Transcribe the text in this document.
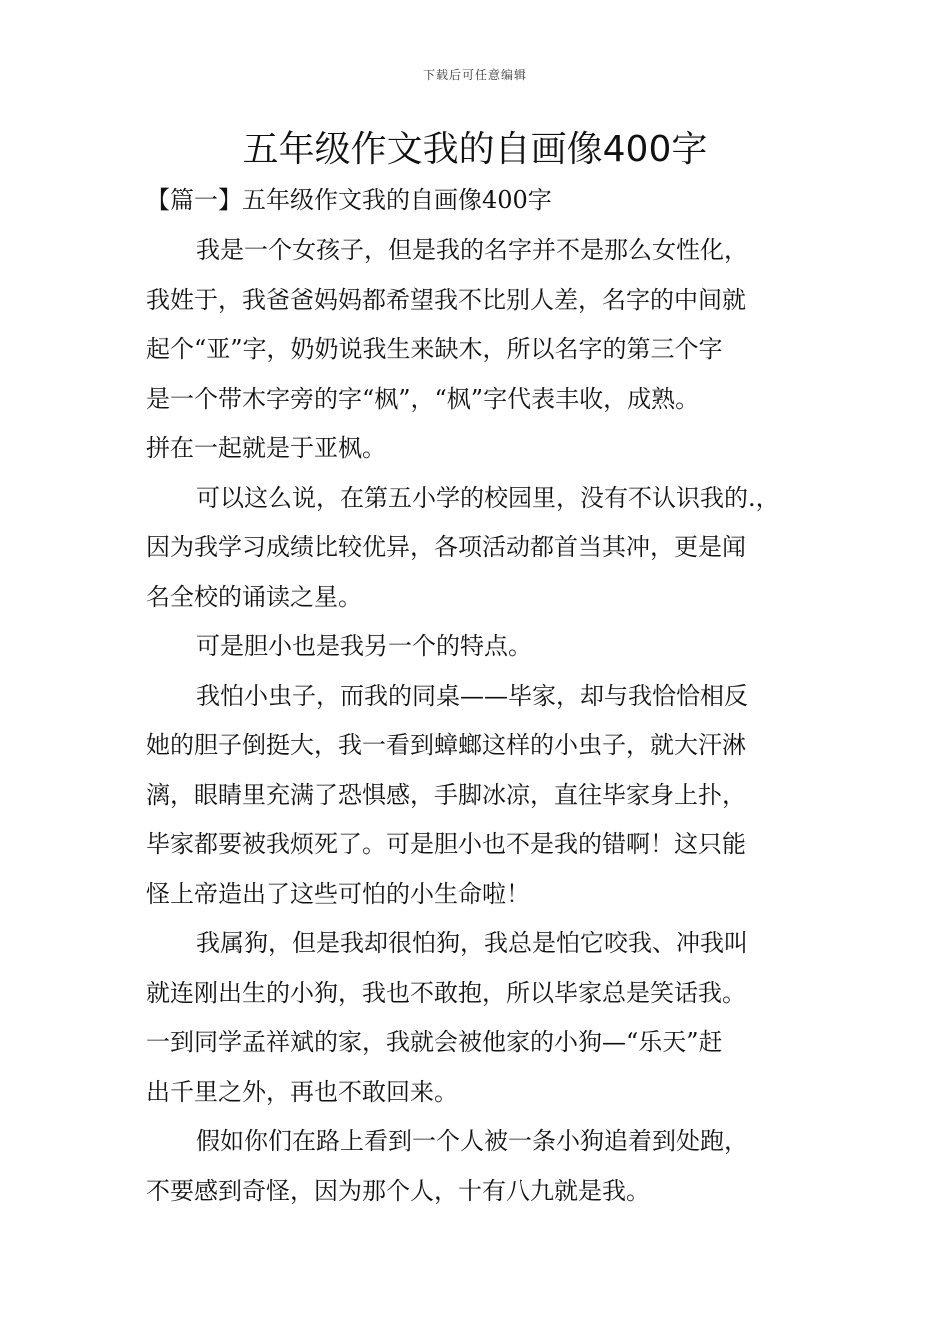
下载后可任意编辑
五年级作文我的自画像400字
【篇一】五年级作文我的自画像400字
我是一个女孩子，但是我的名字并不是那么女性化，
我姓于，我爸爸妈妈都希望我不比别人差，名字的中间就
起个“亚”字，奶奶说我生来缺木，所以名字的第三个字
是一个带木字旁的字“枫”，“枫”字代表丰收，成熟。
拼在一起就是于亚枫。
可以这么说，在第五小学的校园里，没有不认识我的.，
因为我学习成绩比较优异，各项活动都首当其冲，更是闻
名全校的诵读之星。
可是胆小也是我另一个的特点。
我怕小虫子，而我的同桌——毕家，却与我恰恰相反
她的胆子倒挺大，我一看到蟑螂这样的小虫子，就大汗淋
漓，眼睛里充满了恐惧感，手脚冰凉，直往毕家身上扑，
毕家都要被我烦死了。可是胆小也不是我的错啊！这只能
怪上帝造出了这些可怕的小生命啦！
我属狗，但是我却很怕狗，我总是怕它咬我、冲我叫
就连刚出生的小狗，我也不敢抱，所以毕家总是笑话我。
一到同学孟祥斌的家，我就会被他家的小狗—“乐天”赶
出千里之外，再也不敢回来。
假如你们在路上看到一个人被一条小狗追着到处跑，
不要感到奇怪，因为那个人，十有八九就是我。
